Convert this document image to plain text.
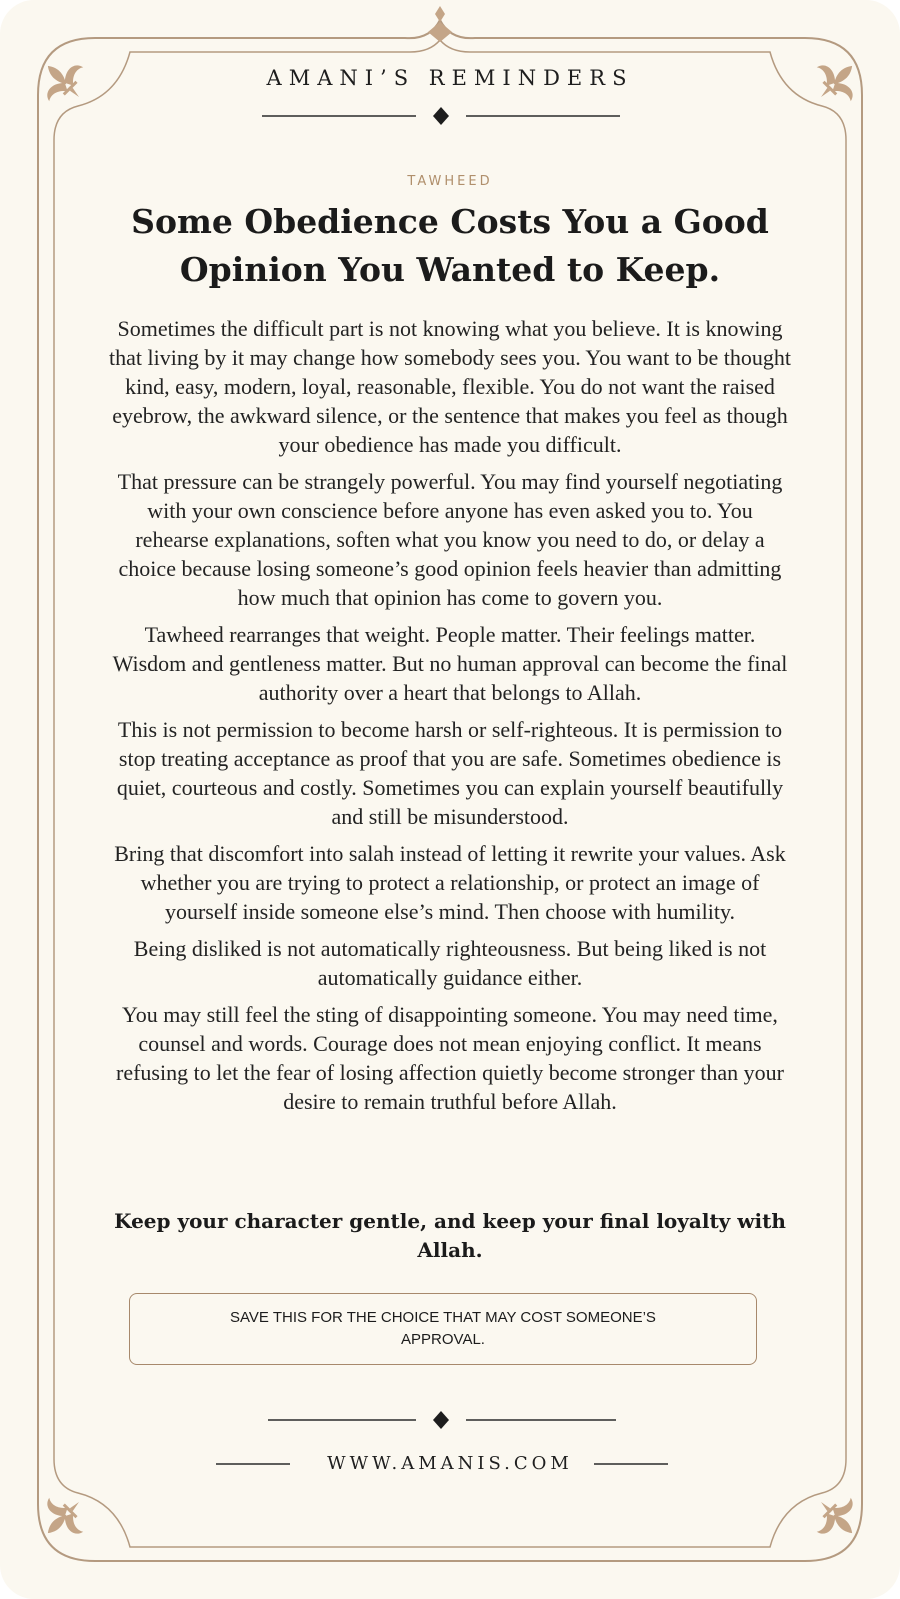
AMANI’S REMINDERS
TAWHEED
Some Obedience Costs You a Good Opinion You Wanted to Keep.

Sometimes the difficult part is not knowing what you believe. It is knowing that living by it may change how somebody sees you. You want to be thought kind, easy, modern, loyal, reasonable, flexible. You do not want the raised eyebrow, the awkward silence, or the sentence that makes you feel as though your obedience has made you difficult.

That pressure can be strangely powerful. You may find yourself negotiating with your own conscience before anyone has even asked you to. You rehearse explanations, soften what you know you need to do, or delay a choice because losing someone’s good opinion feels heavier than admitting how much that opinion has come to govern you.

Tawheed rearranges that weight. People matter. Their feelings matter. Wisdom and gentleness matter. But no human approval can become the final authority over a heart that belongs to Allah.

This is not permission to become harsh or self-righteous. It is permission to stop treating acceptance as proof that you are safe. Sometimes obedience is quiet, courteous and costly. Sometimes you can explain yourself beautifully and still be misunderstood.

Bring that discomfort into salah instead of letting it rewrite your values. Ask whether you are trying to protect a relationship, or protect an image of yourself inside someone else’s mind. Then choose with humility.

Being disliked is not automatically righteousness. But being liked is not automatically guidance either.

You may still feel the sting of disappointing someone. You may need time, counsel and words. Courage does not mean enjoying conflict. It means refusing to let the fear of losing affection quietly become stronger than your desire to remain truthful before Allah.

Keep your character gentle, and keep your final loyalty with Allah.
SAVE THIS FOR THE CHOICE THAT MAY COST SOMEONE’S APPROVAL.
WWW.AMANIS.COM
